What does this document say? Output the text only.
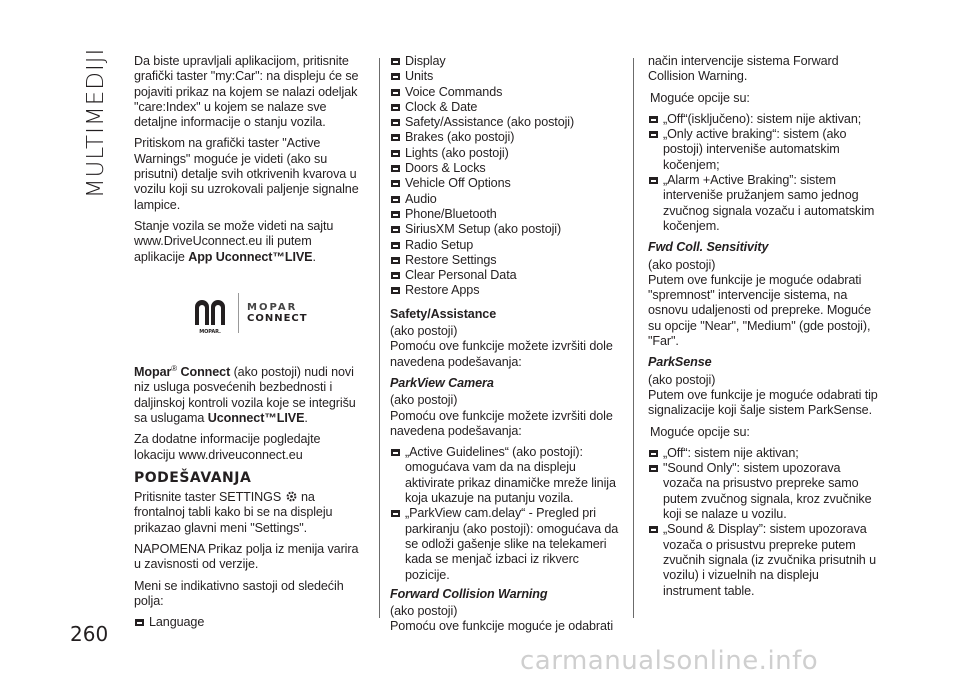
MULTIMEDIJI
260

Da biste upravljali aplikacijom, pritisnite grafički taster "my:Car": na displeju će se pojaviti prikaz na kojem se nalazi odeljak "care:Index" u kojem se nalaze sve detaljne informacije o stanju vozila.

Pritiskom na grafički taster "Active Warnings" moguće je videti (ako su prisutni) detalje svih otkrivenih kvarova u vozilu koji su uzrokovali paljenje signalne lampice.

Stanje vozila se može videti na sajtu www.DriveUconnect.eu ili putem aplikacije App Uconnect™LIVE.

MOPAR.
MOPAR
CONNECT

Mopar® Connect (ako postoji) nudi novi niz usluga posvećenih bezbednosti i daljinskoj kontroli vozila koje se integrišu sa uslugama Uconnect™LIVE.

Za dodatne informacije pogledajte lokaciju www.driveuconnect.eu

PODEŠAVANJA

Pritisnite taster SETTINGS  na frontalnoj tabli kako bi se na displeju prikazao glavni meni "Settings".

NAPOMENA Prikaz polja iz menija varira u zavisnosti od verzije.

Meni se indikativno sastoji od sledećih polja:

Language
Display
Units
Voice Commands
Clock & Date
Safety/Assistance (ako postoji)
Brakes (ako postoji)
Lights (ako postoji)
Doors & Locks
Vehicle Off Options
Audio
Phone/Bluetooth
SiriusXM Setup (ako postoji)
Radio Setup
Restore Settings
Clear Personal Data
Restore Apps
Safety/Assistance
(ako postoji)

Pomoću ove funkcije možete izvršiti dole navedena podešavanja:

ParkView Camera
(ako postoji)

Pomoću ove funkcije možete izvršiti dole navedena podešavanja:

„Active Guidelines“ (ako postoji): omogućava vam da na displeju aktivirate prikaz dinamičke mreže linija koja ukazuje na putanju vozila.
„ParkView cam.delay“ - Pregled pri parkiranju (ako postoji): omogućava da se odloži gašenje slike na telekameri kada se menjač izbaci iz rikverc pozicije.
Forward Collision Warning
(ako postoji)

Pomoću ove funkcije moguće je odabrati

način intervencije sistema Forward Collision Warning.

Moguće opcije su:

„Off“(isključeno): sistem nije aktivan;
„Only active braking“: sistem (ako postoji) interveniše automatskim kočenjem;
„Alarm +Active Braking”: sistem interveniše pružanjem samo jednog zvučnog signala vozaču i automatskim kočenjem.
Fwd Coll. Sensitivity
(ako postoji)

Putem ove funkcije je moguće odabrati "spremnost" intervencije sistema, na osnovu udaljenosti od prepreke. Moguće su opcije "Near", "Medium" (gde postoji), "Far".

ParkSense
(ako postoji)

Putem ove funkcije je moguće odabrati tip signalizacije koji šalje sistem ParkSense.

Moguće opcije su:

„Off“: sistem nije aktivan;
"Sound Only": sistem upozorava vozača na prisustvo prepreke samo putem zvučnog signala, kroz zvučnike koji se nalaze u vozilu.
„Sound & Display”: sistem upozorava vozača o prisustvu prepreke putem zvučnih signala (iz zvučnika prisutnih u vozilu) i vizuelnih na displeju instrument table.
carmanualsonline.info
